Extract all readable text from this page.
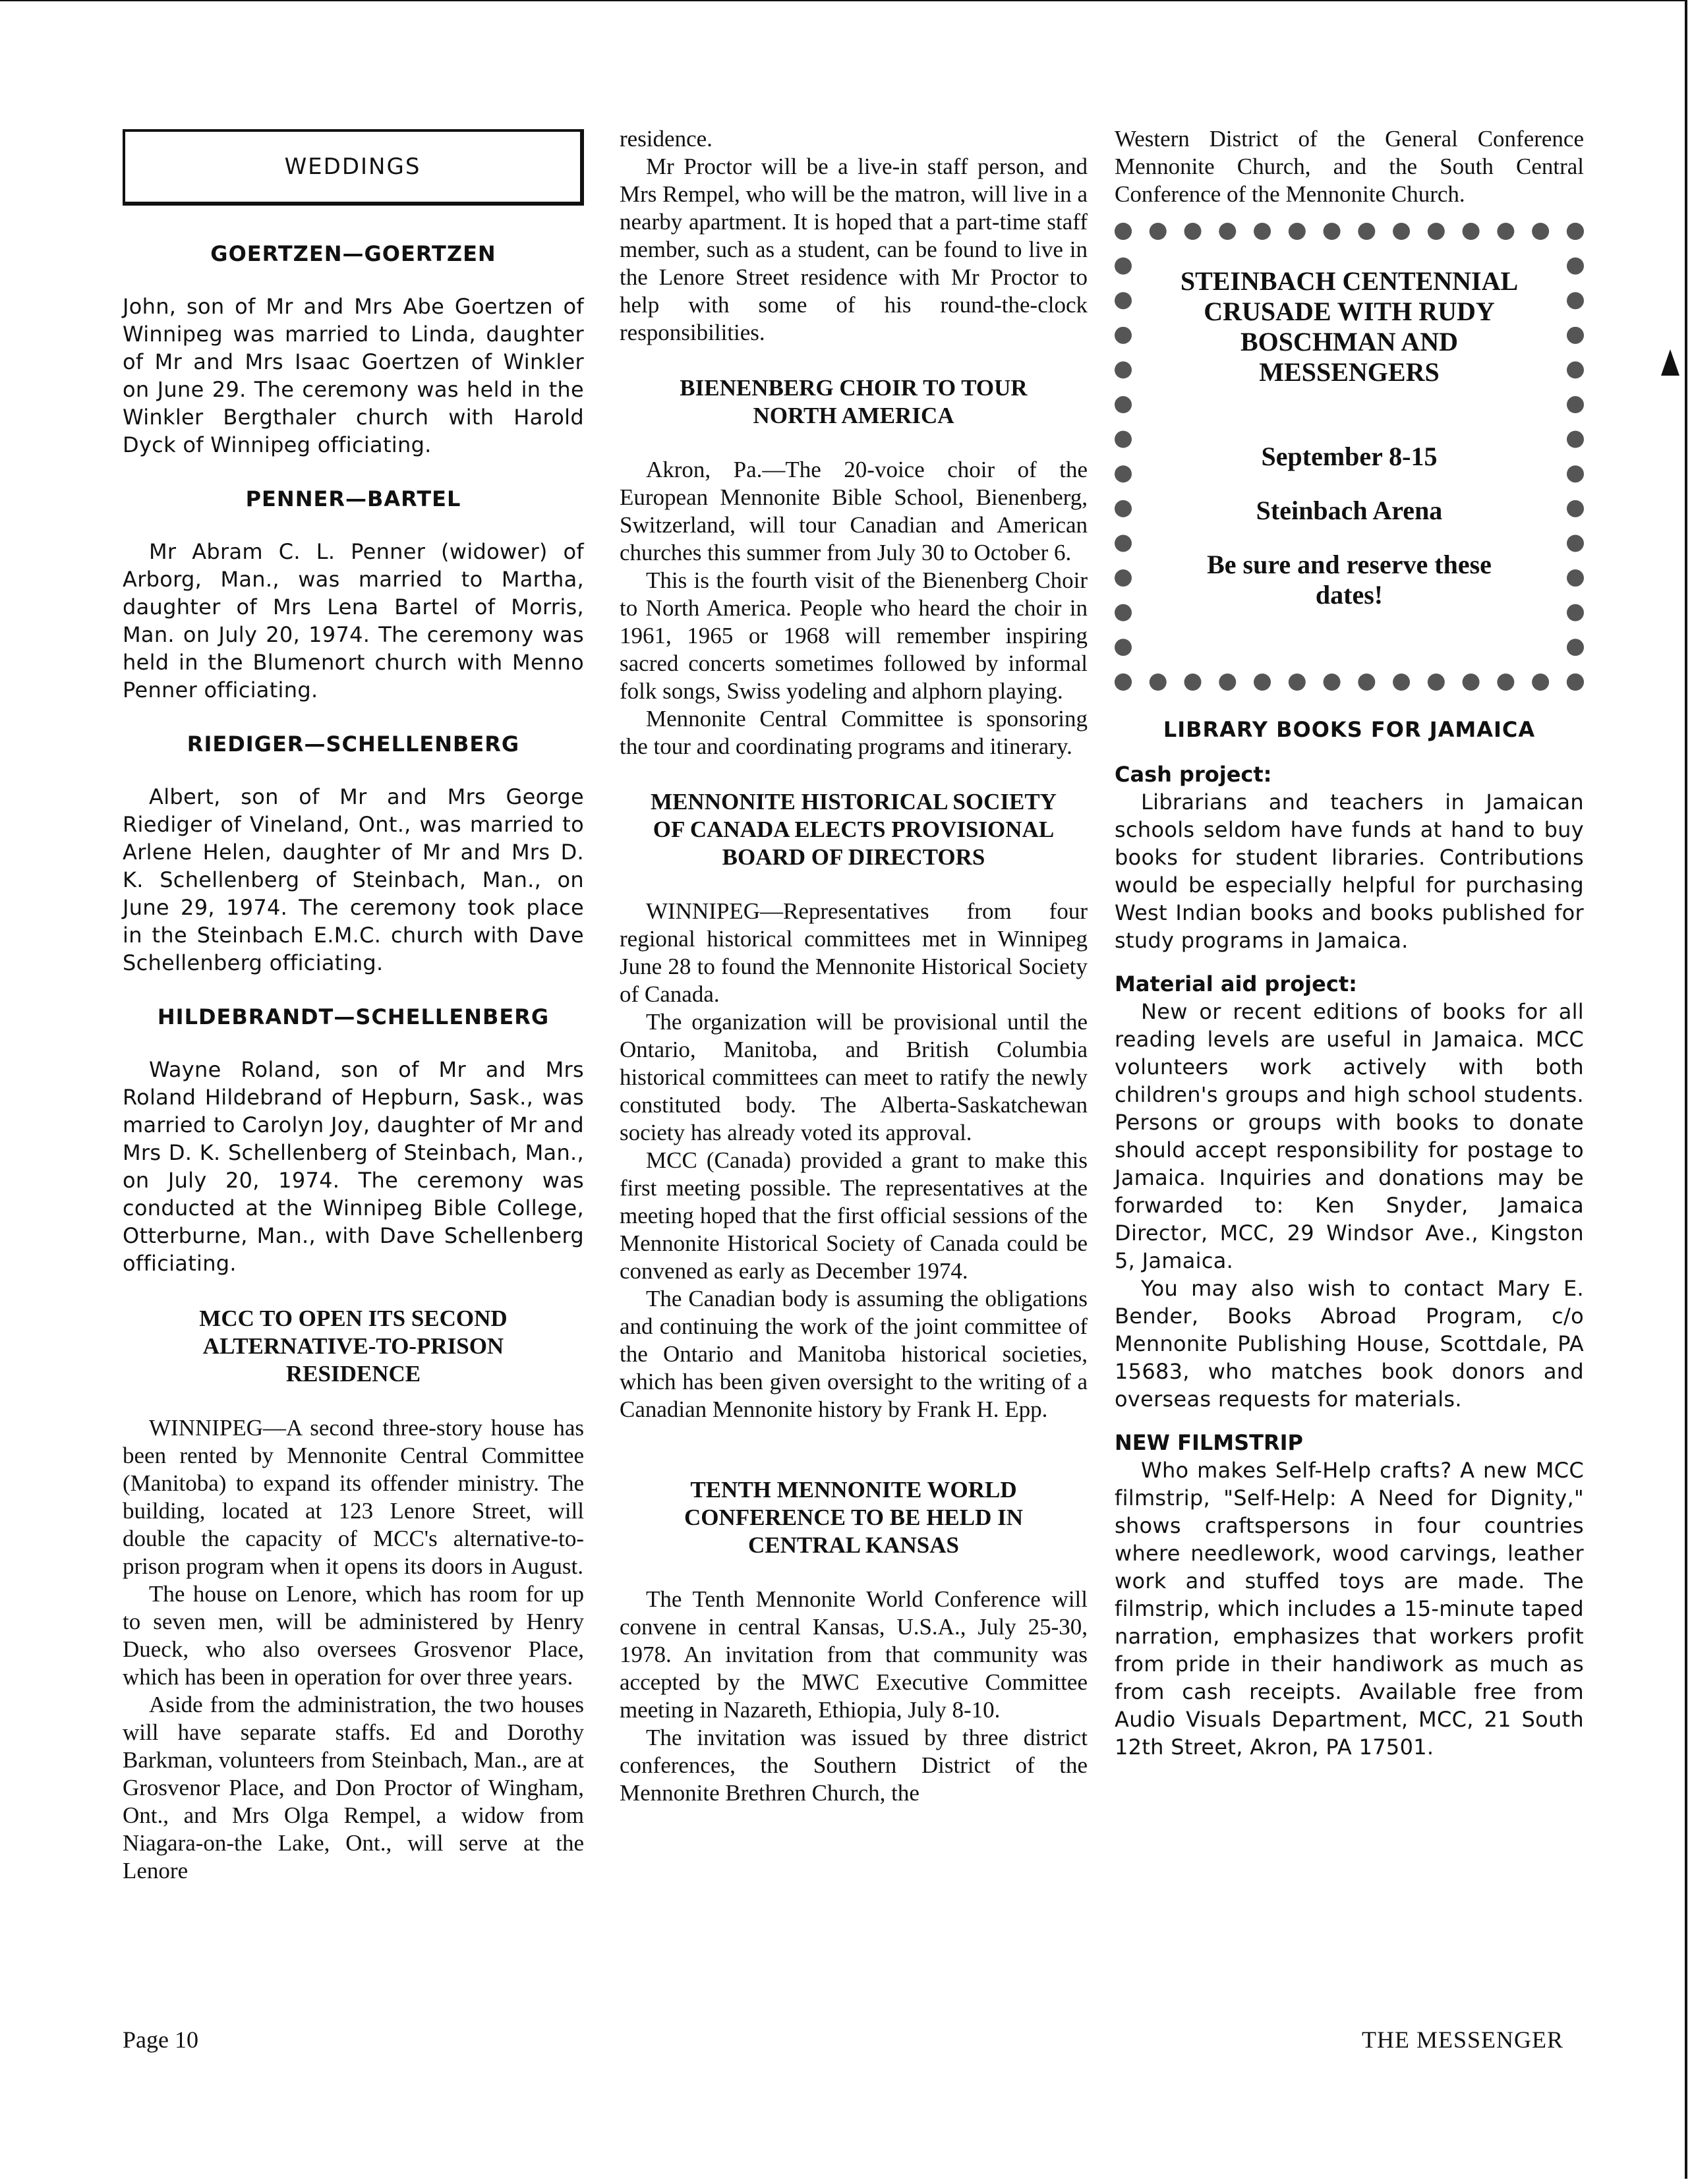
WEDDINGS
GOERTZEN—GOERTZEN

John, son of Mr and Mrs Abe Goertzen of Winnipeg was married to Linda, daughter of Mr and Mrs Isaac Goertzen of Winkler on June 29. The ceremony was held in the Winkler Bergthaler church with Harold Dyck of Winnipeg officiating.

PENNER—BARTEL

Mr Abram C. L. Penner (widower) of Arborg, Man., was married to Martha, daughter of Mrs Lena Bartel of Morris, Man. on July 20, 1974. The ceremony was held in the Blumenort church with Menno Penner officiating.

RIEDIGER—SCHELLENBERG

Albert, son of Mr and Mrs George Riediger of Vineland, Ont., was married to Arlene Helen, daughter of Mr and Mrs D. K. Schellenberg of Steinbach, Man., on June 29, 1974. The ceremony took place in the Steinbach E.M.C. church with Dave Schellenberg officiating.

HILDEBRANDT—SCHELLENBERG

Wayne Roland, son of Mr and Mrs Roland Hildebrand of Hepburn, Sask., was married to Carolyn Joy, daughter of Mr and Mrs D. K. Schellenberg of Steinbach, Man., on July 20, 1974. The ceremony was conducted at the Winnipeg Bible College, Otterburne, Man., with Dave Schellenberg officiating.

MCC TO OPEN ITS SECOND ALTERNATIVE-TO-PRISON RESIDENCE

WINNIPEG—A second three-story house has been rented by Mennonite Central Committee (Manitoba) to expand its offender ministry. The building, located at 123 Lenore Street, will double the capacity of MCC's alternative-to-prison program when it opens its doors in August.

The house on Lenore, which has room for up to seven men, will be administered by Henry Dueck, who also oversees Grosvenor Place, which has been in operation for over three years.

Aside from the administration, the two houses will have separate staffs. Ed and Dorothy Barkman, volunteers from Steinbach, Man., are at Grosvenor Place, and Don Proctor of Wingham, Ont., and Mrs Olga Rempel, a widow from Niagara-on-the Lake, Ont., will serve at the Lenore

residence.

Mr Proctor will be a live-in staff person, and Mrs Rempel, who will be the matron, will live in a nearby apartment. It is hoped that a part-time staff member, such as a student, can be found to live in the Lenore Street residence with Mr Proctor to help with some of his round-the-clock responsibilities.

BIENENBERG CHOIR TO TOUR NORTH AMERICA

Akron, Pa.—The 20-voice choir of the European Mennonite Bible School, Bienenberg, Switzerland, will tour Canadian and American churches this summer from July 30 to October 6.

This is the fourth visit of the Bienenberg Choir to North America. People who heard the choir in 1961, 1965 or 1968 will remember inspiring sacred concerts sometimes followed by informal folk songs, Swiss yodeling and alphorn playing.

Mennonite Central Committee is sponsoring the tour and coordinating programs and itinerary.

MENNONITE HISTORICAL SOCIETY OF CANADA ELECTS PROVISIONAL BOARD OF DIRECTORS

WINNIPEG—Representatives from four regional historical committees met in Winnipeg June 28 to found the Mennonite Historical Society of Canada.

The organization will be provisional until the Ontario, Manitoba, and British Columbia historical committees can meet to ratify the newly constituted body. The Alberta-Saskatchewan society has already voted its approval.

MCC (Canada) provided a grant to make this first meeting possible. The representatives at the meeting hoped that the first official sessions of the Mennonite Historical Society of Canada could be convened as early as December 1974.

The Canadian body is assuming the obligations and continuing the work of the joint committee of the Ontario and Manitoba historical societies, which has been given oversight to the writing of a Canadian Mennonite history by Frank H. Epp.

TENTH MENNONITE WORLD CONFERENCE TO BE HELD IN CENTRAL KANSAS

The Tenth Mennonite World Conference will convene in central Kansas, U.S.A., July 25-30, 1978. An invitation from that community was accepted by the MWC Executive Committee meeting in Nazareth, Ethiopia, July 8-10.

The invitation was issued by three district conferences, the Southern District of the Mennonite Brethren Church, the

Western District of the General Conference Mennonite Church, and the South Central Conference of the Mennonite Church.

STEINBACH CENTENNIAL CRUSADE WITH RUDY BOSCHMAN AND MESSENGERS
September 8-15
Steinbach Arena
Be sure and reserve these dates!
LIBRARY BOOKS FOR JAMAICA
Cash project:

Librarians and teachers in Jamaican schools seldom have funds at hand to buy books for student libraries. Contributions would be especially helpful for purchasing West Indian books and books published for study programs in Jamaica.

Material aid project:

New or recent editions of books for all reading levels are useful in Jamaica. MCC volunteers work actively with both children's groups and high school students. Persons or groups with books to donate should accept responsibility for postage to Jamaica. Inquiries and donations may be forwarded to: Ken Snyder, Jamaica Director, MCC, 29 Windsor Ave., Kingston 5, Jamaica.

You may also wish to contact Mary E. Bender, Books Abroad Program, c/o Mennonite Publishing House, Scottdale, PA 15683, who matches book donors and overseas requests for materials.

NEW FILMSTRIP

Who makes Self-Help crafts? A new MCC filmstrip, "Self-Help: A Need for Dignity," shows craftspersons in four countries where needlework, wood carvings, leather work and stuffed toys are made. The filmstrip, which includes a 15-minute taped narration, emphasizes that workers profit from pride in their handiwork as much as from cash receipts. Available free from Audio Visuals Department, MCC, 21 South 12th Street, Akron, PA 17501.

Page 10	THE MESSENGER
